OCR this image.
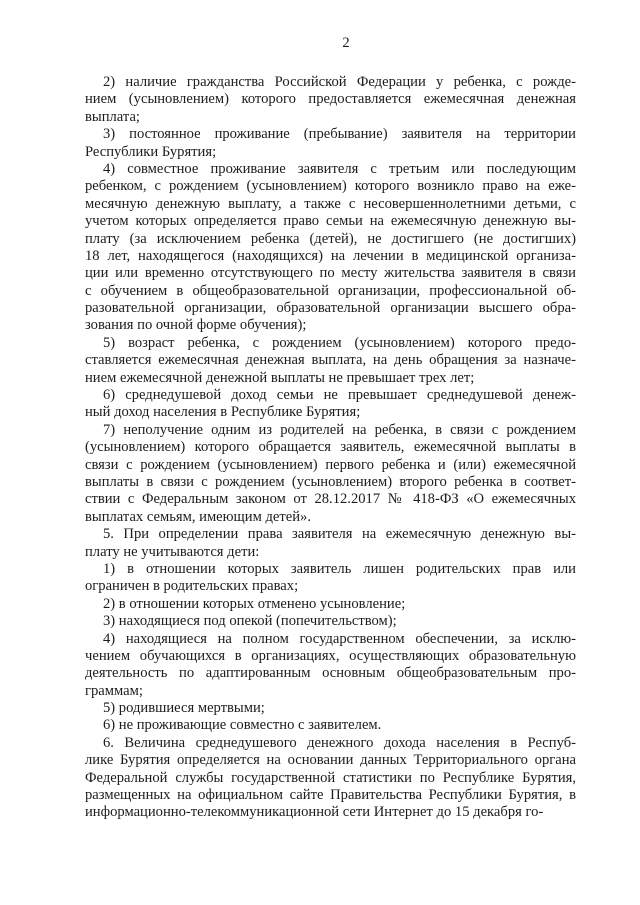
2
2) наличие гражданства Российской Федерации у ребенка, с рожде-
нием (усыновлением) которого предоставляется ежемесячная денежная
выплата;
3) постоянное проживание (пребывание) заявителя на территории
Республики Бурятия;
4) совместное проживание заявителя с третьим или последующим
ребенком, с рождением (усыновлением) которого возникло право на еже-
месячную денежную выплату, а также с несовершеннолетними детьми, с
учетом которых определяется право семьи на ежемесячную денежную вы-
плату (за исключением ребенка (детей), не достигшего (не достигших)
18 лет, находящегося (находящихся) на лечении в медицинской организа-
ции или временно отсутствующего по месту жительства заявителя в связи
с обучением в общеобразовательной организации, профессиональной об-
разовательной организации, образовательной организации высшего обра-
зования по очной форме обучения);
5) возраст ребенка, с рождением (усыновлением) которого предо-
ставляется ежемесячная денежная выплата, на день обращения за назначе-
нием ежемесячной денежной выплаты не превышает трех лет;
6) среднедушевой доход семьи не превышает среднедушевой денеж-
ный доход населения в Республике Бурятия;
7) неполучение одним из родителей на ребенка, в связи с рождением
(усыновлением) которого обращается заявитель, ежемесячной выплаты в
связи с рождением (усыновлением) первого ребенка и (или) ежемесячной
выплаты в связи с рождением (усыновлением) второго ребенка в соответ-
ствии с Федеральным законом от 28.12.2017 № 418-ФЗ «О ежемесячных
выплатах семьям, имеющим детей».
5. При определении права заявителя на ежемесячную денежную вы-
плату не учитываются дети:
1) в отношении которых заявитель лишен родительских прав или
ограничен в родительских правах;
2) в отношении которых отменено усыновление;
3) находящиеся под опекой (попечительством);
4) находящиеся на полном государственном обеспечении, за исклю-
чением обучающихся в организациях, осуществляющих образовательную
деятельность по адаптированным основным общеобразовательным про-
граммам;
5) родившиеся мертвыми;
6) не проживающие совместно с заявителем.
6. Величина среднедушевого денежного дохода населения в Респуб-
лике Бурятия определяется на основании данных Территориального органа
Федеральной службы государственной статистики по Республике Бурятия,
размещенных на официальном сайте Правительства Республики Бурятия, в
информационно-телекоммуникационной сети Интернет до 15 декабря го-
